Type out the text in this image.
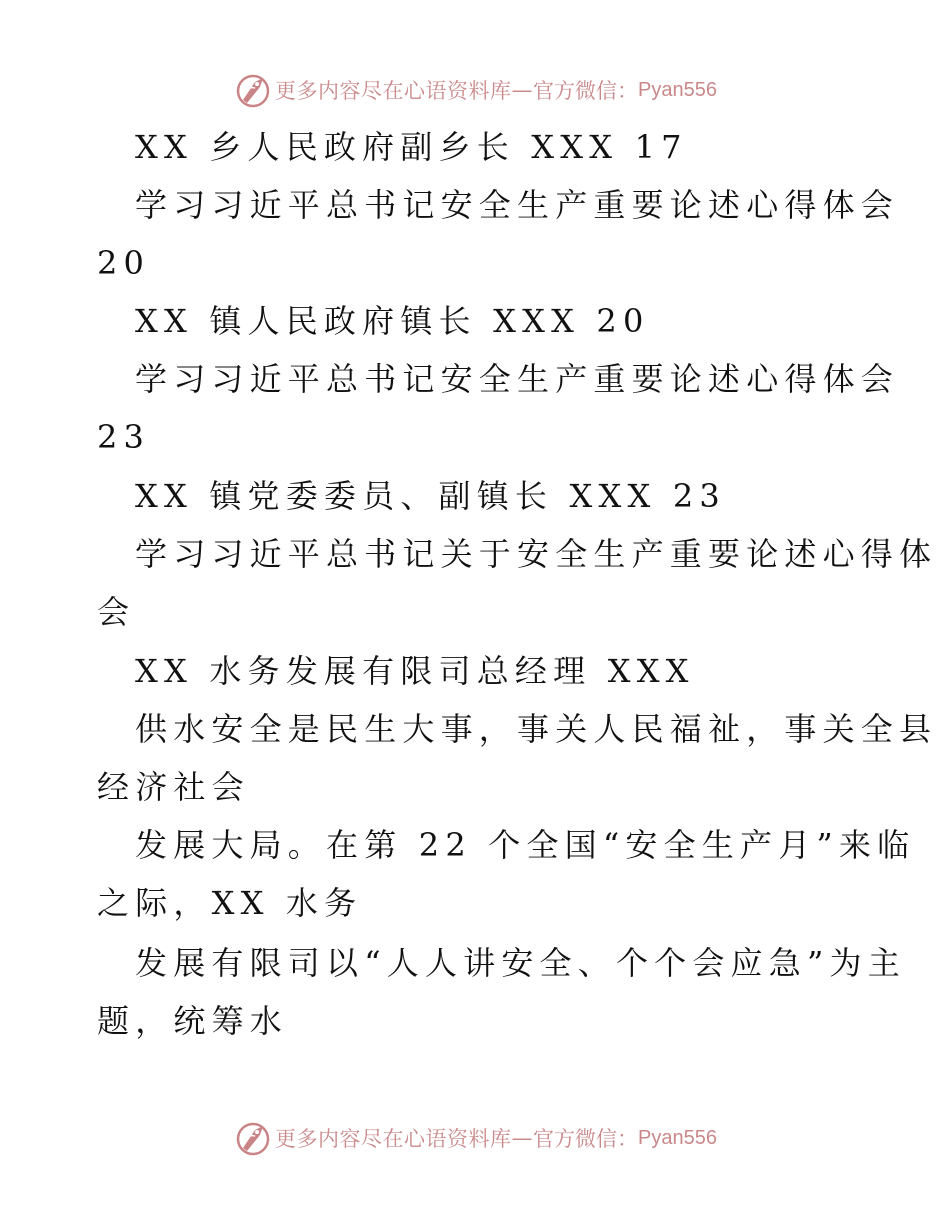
更多内容尽在心语资料库 — 官方微信： Pyan556
XX 乡人民政府副乡长 XXX 17
学习习近平总书记安全生产重要论述心得体会
20
XX 镇人民政府镇长 XXX 20
学习习近平总书记安全生产重要论述心得体会
23
XX 镇党委委员、副镇长 XXX 23
学习习近平总书记关于安全生产重要论述心得体
会
XX 水务发展有限司总经理 XXX
供水安全是民生大事，事关人民福祉，事关全县
经济社会
发展大局。在第 22 个全国“安全生产月”来临
之际，XX 水务
发展有限司以“人人讲安全、个个会应急”为主
题，统筹水
更多内容尽在心语资料库 — 官方微信： Pyan556
